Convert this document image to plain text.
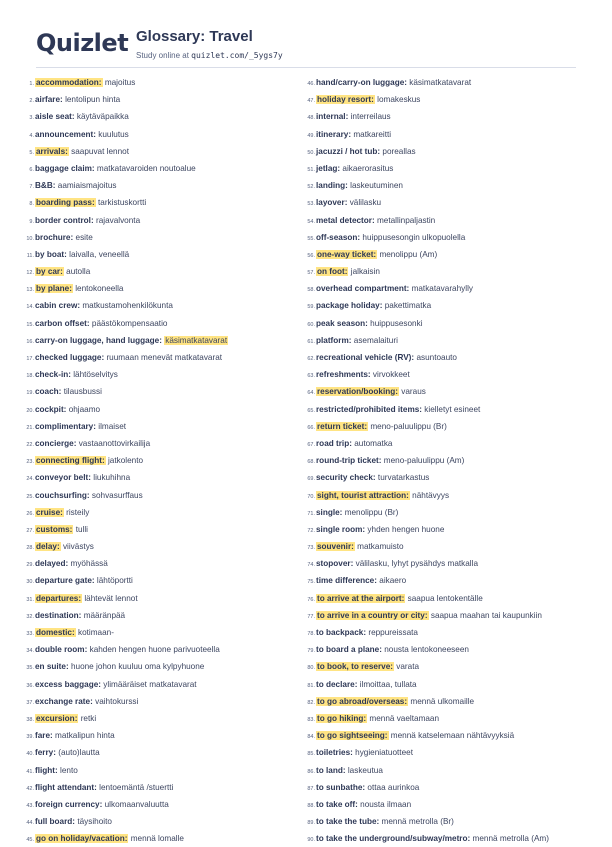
Quizlet Glossary: Travel
Study online at quizlet.com/_5ygs7y
1. accommodation: majoitus
2.airfare: lentolipun hinta
3.aisle seat: käytäväpaikka
4.announcement: kuulutus
5. arrivals: saapuvat lennot
6.baggage claim: matkatavaroiden noutoalue
7.B&B: aamiaismajoitus
8. boarding pass: tarkistuskortti
9.border control: rajavalvonta
10.brochure: esite
11.by boat: laivalla, veneellä
12. by car: autolla
13. by plane: lentokoneella
14.cabin crew: matkustamohenkilökunta
15.carbon offset: päästökompensaatio
16.carry-on luggage, hand luggage: käsimatkatavarat
17.checked luggage: ruumaan menevät matkatavarat
18.check-in: lähtöselvitys
19.coach: tilausbussi
20.cockpit: ohjaamo
21.complimentary: ilmaiset
22.concierge: vastaanottovirkailija
23. connecting flight: jatkolento
24.conveyor belt: liukuhihna
25.couchsurfing: sohvasurffaus
26. cruise: risteily
27. customs: tulli
28. delay: viivästys
29.delayed: myöhässä
30.departure gate: lähtöportti
31. departures: lähtevät lennot
32.destination: määränpää
33. domestic: kotimaan-
34.double room: kahden hengen huone parivuoteella
35.en suite: huone johon kuuluu oma kylpyhuone
36.excess baggage: ylimääräiset matkatavarat
37.exchange rate: vaihtokurssi
38. excursion: retki
39.fare: matkalipun hinta
40.ferry: (auto)lautta
41.flight: lento
42.flight attendant: lentoemäntä /stuertti
43.foreign currency: ulkomaanvaluutta
44.full board: täysihoito
45. go on holiday/vacation: mennä lomalle
46.hand/carry-on luggage: käsimatkatavarat
47. holiday resort: lomakeskus
48.internal: interreilaus
49.itinerary: matkareitti
50.jacuzzi / hot tub: poreallas
51.jetlag: aikaerorasitus
52.landing: laskeutuminen
53.layover: välilasku
54.metal detector: metallinpaljastin
55.off-season: huippusesongin ulkopuolella
56. one-way ticket: menolippu (Am)
57. on foot: jalkaisin
58.overhead compartment: matkatavarahylly
59.package holiday: pakettimatka
60.peak season: huippusesonki
61.platform: asemalaituri
62.recreational vehicle (RV): asuntoauto
63.refreshments: virvokkeet
64. reservation/booking: varaus
65.restricted/prohibited items: kielletyt esineet
66. return ticket: meno-paluulippu (Br)
67.road trip: automatka
68.round-trip ticket: meno-paluulippu (Am)
69.security check: turvatarkastus
70. sight, tourist attraction: nähtävyys
71.single: menolippu (Br)
72.single room: yhden hengen huone
73. souvenir: matkamuisto
74.stopover: välilasku, lyhyt pysähdys matkalla
75.time difference: aikaero
76. to arrive at the airport: saapua lentokentälle
77. to arrive in a country or city: saapua maahan tai kaupunkiin
78.to backpack: reppureissata
79.to board a plane: nousta lentokoneeseen
80. to book, to reserve: varata
81.to declare: ilmoittaa, tullata
82. to go abroad/overseas: mennä ulkomaille
83. to go hiking: mennä vaeltamaan
84. to go sightseeing: mennä katselemaan nähtävyyksiä
85.toiletries: hygieniatuotteet
86.to land: laskeutua
87.to sunbathe: ottaa aurinkoa
88.to take off: nousta ilmaan
89.to take the tube: mennä metrolla (Br)
90.to take the underground/subway/metro: mennä metrolla (Am)
